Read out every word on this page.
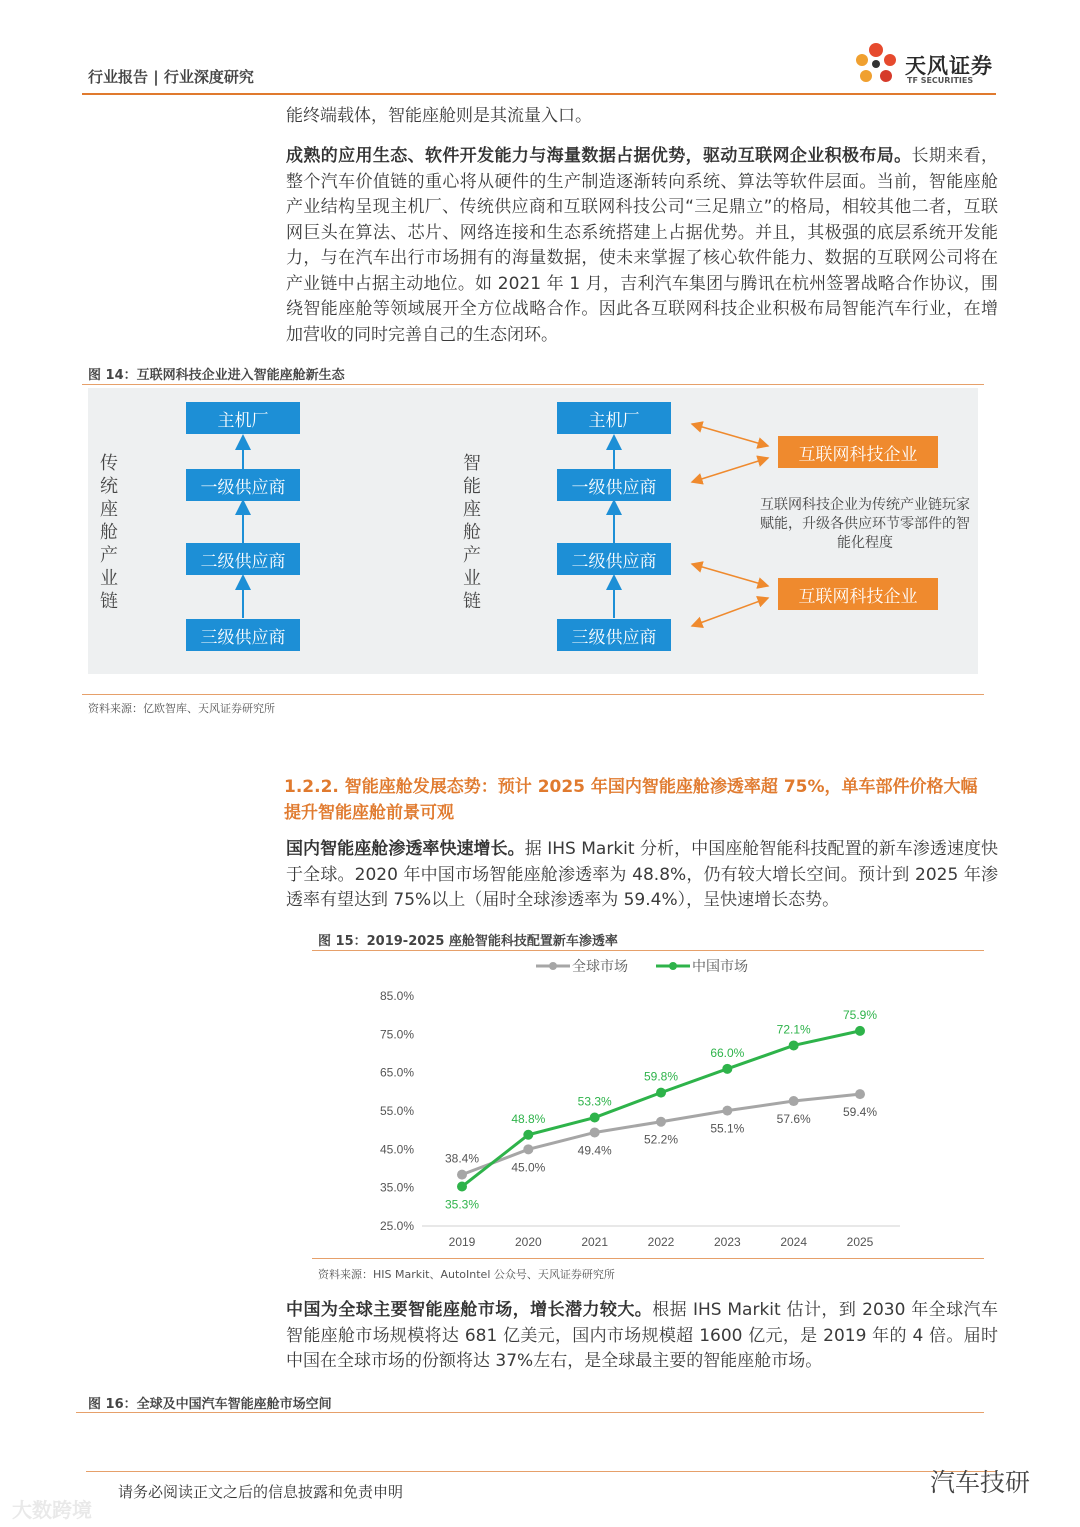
行业报告 | 行业深度研究	天风证券
TF SECURITIES

能终端载体，智能座舱则是其流量入口。

成熟的应用生态、软件开发能力与海量数据占据优势，驱动互联网企业积极布局。长期来看，整个汽车价值链的重心将从硬件的生产制造逐渐转向系统、算法等软件层面。当前，智能座舱产业结构呈现主机厂、传统供应商和互联网科技公司“三足鼎立”的格局，相较其他二者，互联网巨头在算法、芯片、网络连接和生态系统搭建上占据优势。并且，其极强的底层系统开发能力，与在汽车出行市场拥有的海量数据，使未来掌握了核心软件能力、数据的互联网公司将在产业链中占据主动地位。如 2021 年 1 月，吉利汽车集团与腾讯在杭州签署战略合作协议，围绕智能座舱等领域展开全方位战略合作。因此各互联网科技企业积极布局智能汽车行业，在增加营收的同时完善自己的生态闭环。

图 14：互联网科技企业进入智能座舱新生态
传统座舱产业链
智能座舱产业链
主机厂
一级供应商
二级供应商
三级供应商
主机厂
一级供应商
二级供应商
三级供应商
互联网科技企业
互联网科技企业
互联网科技企业为传统产业链玩家赋能，升级各供应环节零部件的智能化程度
资料来源：亿欧智库、天风证券研究所

1.2.2. 智能座舱发展态势：预计 2025 年国内智能座舱渗透率超 75%，单车部件价格大幅提升智能座舱前景可观

国内智能座舱渗透率快速增长。据 IHS Markit 分析，中国座舱智能科技配置的新车渗透速度快于全球。2020 年中国市场智能座舱渗透率为 48.8%，仍有较大增长空间。预计到 2025 年渗透率有望达到 75%以上（届时全球渗透率为 59.4%），呈快速增长态势。

图 15：2019-2025 座舱智能科技配置新车渗透率
全球市场	中国市场
25.0%
35.0%
45.0%
55.0%
65.0%
75.0%
85.0%
2019	2020	2021	2022	2023	2024	2025
38.4%
45.0%
49.4%
52.2%
55.1%
57.6%	59.4%
35.3%
48.8%
53.3%
59.8%
66.0%
72.1%
75.9%
资料来源：HIS Markit、AutoIntel 公众号、天风证券研究所

中国为全球主要智能座舱市场，增长潜力较大。根据 IHS Markit 估计，到 2030 年全球汽车智能座舱市场规模将达 681 亿美元，国内市场规模超 1600 亿元，是 2019 年的 4 倍。届时中国在全球市场的份额将达 37%左右，是全球最主要的智能座舱市场。

图 16：全球及中国汽车智能座舱市场空间
请务必阅读正文之后的信息披露和免责申明
大数跨境
汽车技研
